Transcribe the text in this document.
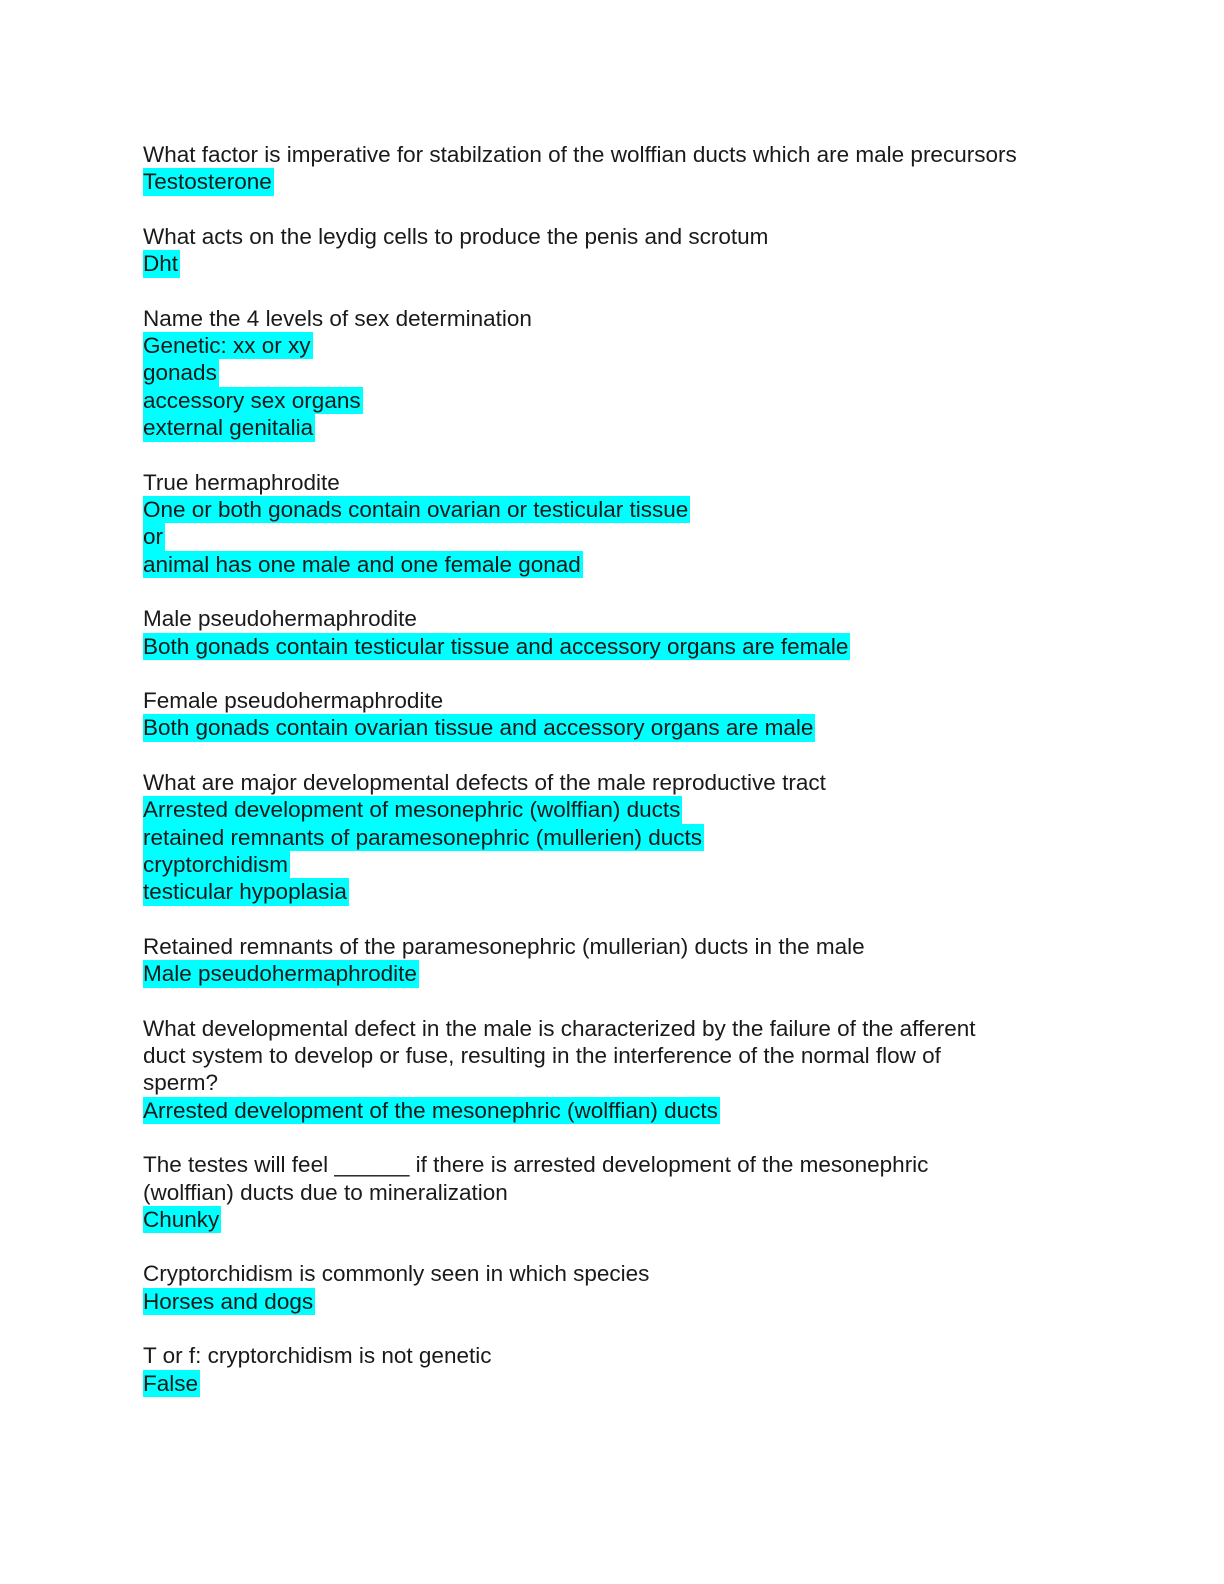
What factor is imperative for stabilzation of the wolffian ducts which are male precursors
Testosterone
What acts on the leydig cells to produce the penis and scrotum
Dht
Name the 4 levels of sex determination
Genetic: xx or xy
gonads
accessory sex organs
external genitalia
True hermaphrodite
One or both gonads contain ovarian or testicular tissue
or
animal has one male and one female gonad
Male pseudohermaphrodite
Both gonads contain testicular tissue and accessory organs are female
Female pseudohermaphrodite
Both gonads contain ovarian tissue and accessory organs are male
What are major developmental defects of the male reproductive tract
Arrested development of mesonephric (wolffian) ducts
retained remnants of paramesonephric (mullerien) ducts
cryptorchidism
testicular hypoplasia
Retained remnants of the paramesonephric (mullerian) ducts in the male
Male pseudohermaphrodite
What developmental defect in the male is characterized by the failure of the afferent
duct system to develop or fuse, resulting in the interference of the normal flow of
sperm?
Arrested development of the mesonephric (wolffian) ducts
The testes will feel ______ if there is arrested development of the mesonephric
(wolffian) ducts due to mineralization
Chunky
Cryptorchidism is commonly seen in which species
Horses and dogs
T or f: cryptorchidism is not genetic
False
